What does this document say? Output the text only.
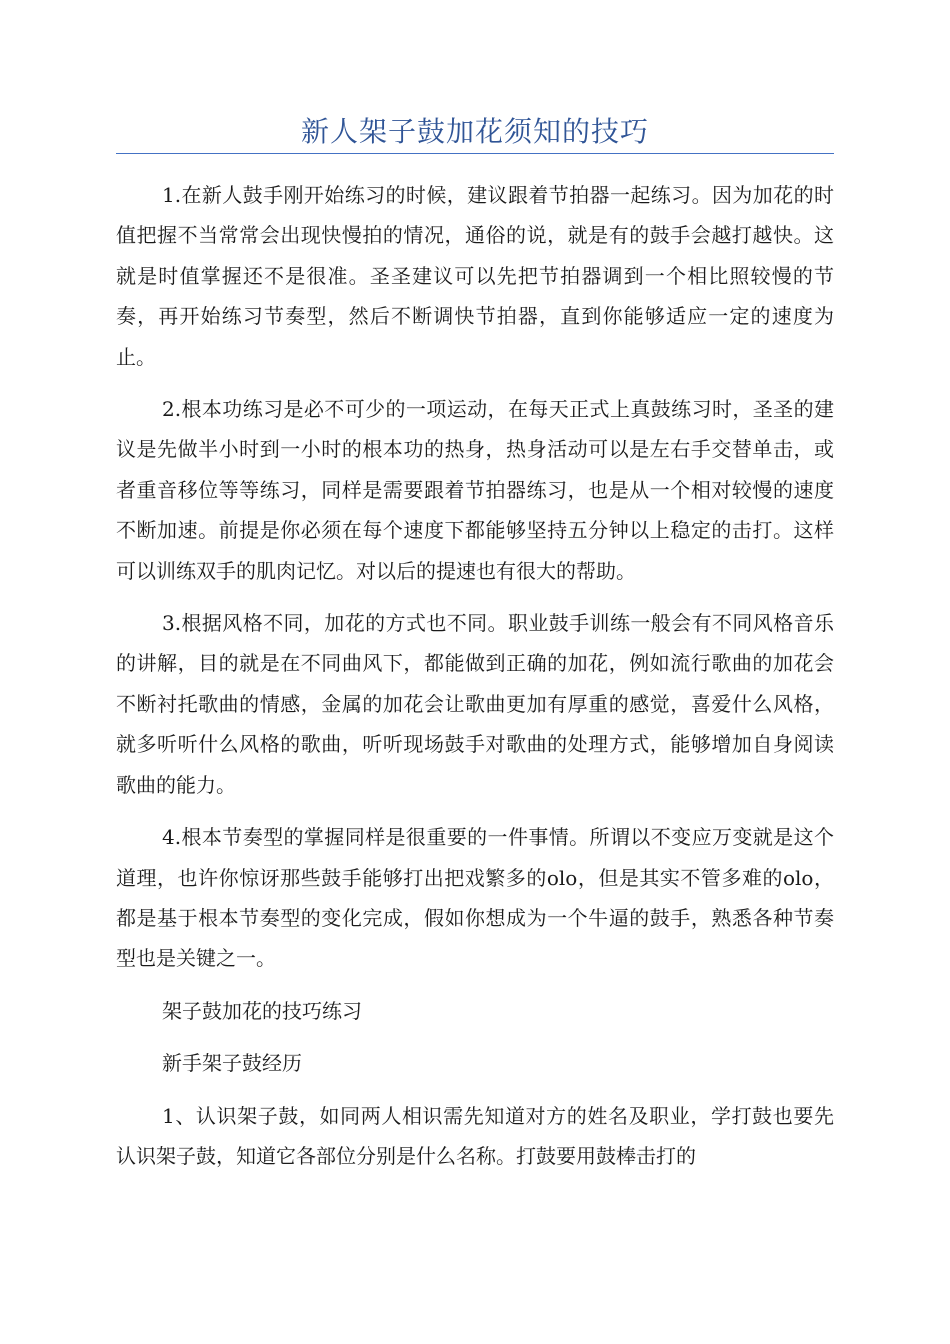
新人架子鼓加花须知的技巧

1.在新人鼓手刚开始练习的时候，建议跟着节拍器一起练习。因为加花的时值把握不当常常会出现快慢拍的情况，通俗的说，就是有的鼓手会越打越快。这就是时值掌握还不是很准。圣圣建议可以先把节拍器调到一个相比照较慢的节奏，再开始练习节奏型，然后不断调快节拍器，直到你能够适应一定的速度为止。

2.根本功练习是必不可少的一项运动，在每天正式上真鼓练习时，圣圣的建议是先做半小时到一小时的根本功的热身，热身活动可以是左右手交替单击，或者重音移位等等练习，同样是需要跟着节拍器练习，也是从一个相对较慢的速度不断加速。前提是你必须在每个速度下都能够坚持五分钟以上稳定的击打。这样可以训练双手的肌肉记忆。对以后的提速也有很大的帮助。

3.根据风格不同，加花的方式也不同。职业鼓手训练一般会有不同风格音乐的讲解，目的就是在不同曲风下，都能做到正确的加花，例如流行歌曲的加花会不断衬托歌曲的情感，金属的加花会让歌曲更加有厚重的感觉，喜爱什么风格，就多听听什么风格的歌曲，听听现场鼓手对歌曲的处理方式，能够增加自身阅读歌曲的能力。

4.根本节奏型的掌握同样是很重要的一件事情。所谓以不变应万变就是这个道理，也许你惊讶那些鼓手能够打出把戏繁多的olo，但是其实不管多难的olo，都是基于根本节奏型的变化完成，假如你想成为一个牛逼的鼓手，熟悉各种节奏型也是关键之一。

架子鼓加花的技巧练习

新手架子鼓经历

1、认识架子鼓，如同两人相识需先知道对方的姓名及职业，学打鼓也要先认识架子鼓，知道它各部位分别是什么名称。打鼓要用鼓棒击打的
